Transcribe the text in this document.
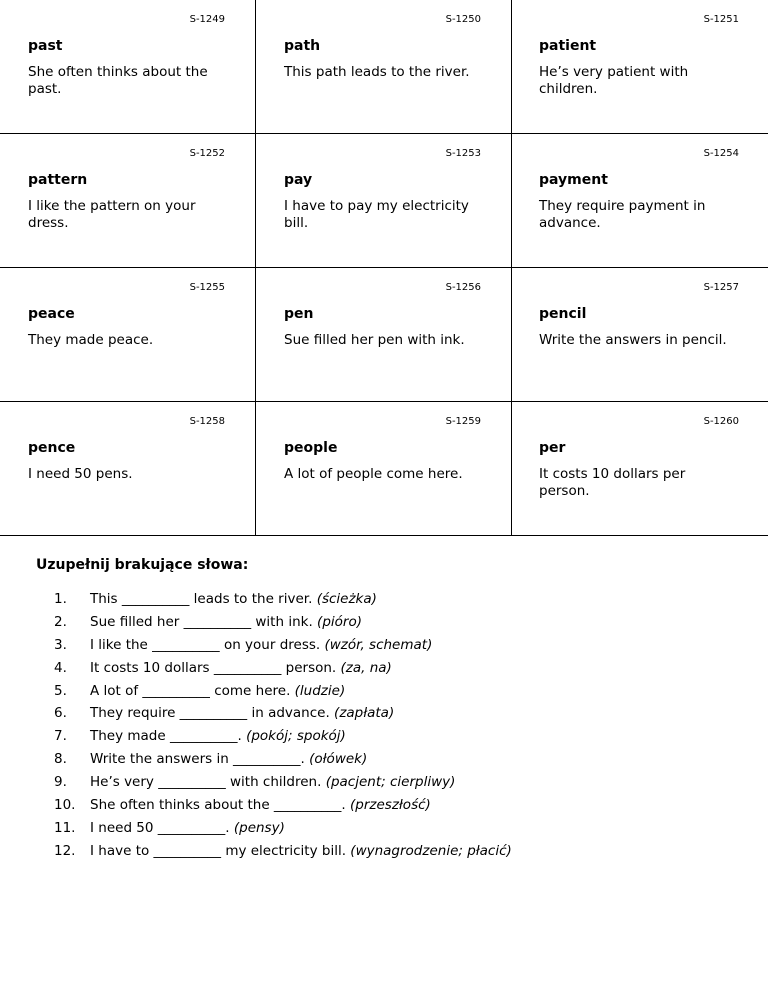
S-1249
past
She often thinks about the past.
S-1250
path
This path leads to the river.
S-1251
patient
He’s very patient with children.
S-1252
pattern
I like the pattern on your dress.
S-1253
pay
I have to pay my electricity bill.
S-1254
payment
They require payment in advance.
S-1255
peace
They made peace.
S-1256
pen
Sue filled her pen with ink.
S-1257
pencil
Write the answers in pencil.
S-1258
pence
I need 50 pens.
S-1259
people
A lot of people come here.
S-1260
per
It costs 10 dollars per person.
Uzupełnij brakujące słowa:
1. This __________ leads to the river. (ścieżka)
2. Sue filled her __________ with ink. (pióro)
3. I like the __________ on your dress. (wzór, schemat)
4. It costs 10 dollars __________ person. (za, na)
5. A lot of __________ come here. (ludzie)
6. They require __________ in advance. (zapłata)
7. They made __________. (pokój; spokój)
8. Write the answers in __________. (ołówek)
9. He’s very __________ with children. (pacjent; cierpliwy)
10. She often thinks about the __________. (przeszłość)
11. I need 50 __________. (pensy)
12. I have to __________ my electricity bill. (wynagrodzenie; płacić)
